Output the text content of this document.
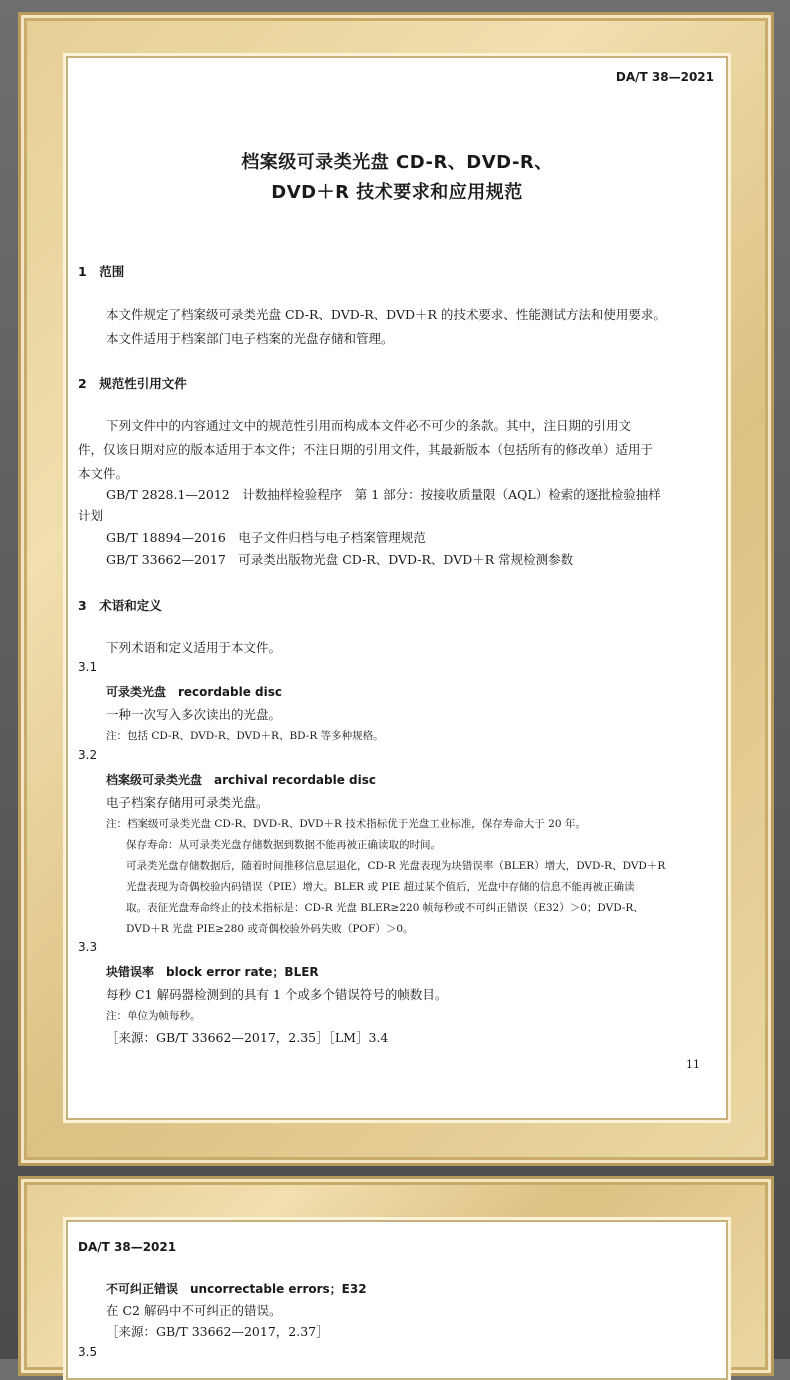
DA/T 38—2021
档案级可录类光盘 CD-R、DVD-R、
DVD＋R 技术要求和应用规范
1　范围
本文件规定了档案级可录类光盘 CD-R、DVD-R、DVD＋R 的技术要求、性能测试方法和使用要求。
本文件适用于档案部门电子档案的光盘存储和管理。
2　规范性引用文件
下列文件中的内容通过文中的规范性引用而构成本文件必不可少的条款。其中，注日期的引用文
件，仅该日期对应的版本适用于本文件；不注日期的引用文件，其最新版本（包括所有的修改单）适用于
本文件。
GB/T 2828.1—2012　计数抽样检验程序　第 1 部分：按接收质量限（AQL）检索的逐批检验抽样
计划
GB/T 18894—2016　电子文件归档与电子档案管理规范
GB/T 33662—2017　可录类出版物光盘 CD-R、DVD-R、DVD＋R 常规检测参数
3　术语和定义
下列术语和定义适用于本文件。
3.1
可录类光盘　recordable disc
一种一次写入多次读出的光盘。
注：包括 CD-R、DVD-R、DVD＋R、BD-R 等多种规格。
3.2
档案级可录类光盘　archival recordable disc
电子档案存储用可录类光盘。
注：档案级可录类光盘 CD-R、DVD-R、DVD＋R 技术指标优于光盘工业标准，保存寿命大于 20 年。
保存寿命：从可录类光盘存储数据到数据不能再被正确读取的时间。
可录类光盘存储数据后，随着时间推移信息层退化，CD-R 光盘表现为块错误率（BLER）增大，DVD-R、DVD＋R
光盘表现为奇偶校验内码错误（PIE）增大。BLER 或 PIE 超过某个值后，光盘中存储的信息不能再被正确读
取。表征光盘寿命终止的技术指标是：CD-R 光盘 BLER≥220 帧每秒或不可纠正错误（E32）＞0；DVD-R、
DVD＋R 光盘 PIE≥280 或奇偶校验外码失败（POF）＞0。
3.3
块错误率　block error rate；BLER
每秒 C1 解码器检测到的具有 1 个或多个错误符号的帧数目。
注：单位为帧每秒。
［来源：GB/T 33662—2017，2.35］［LM］3.4
11
DA/T 38—2021
不可纠正错误　uncorrectable errors；E32
在 C2 解码中不可纠正的错误。
［来源：GB/T 33662—2017，2.37］
3.5
